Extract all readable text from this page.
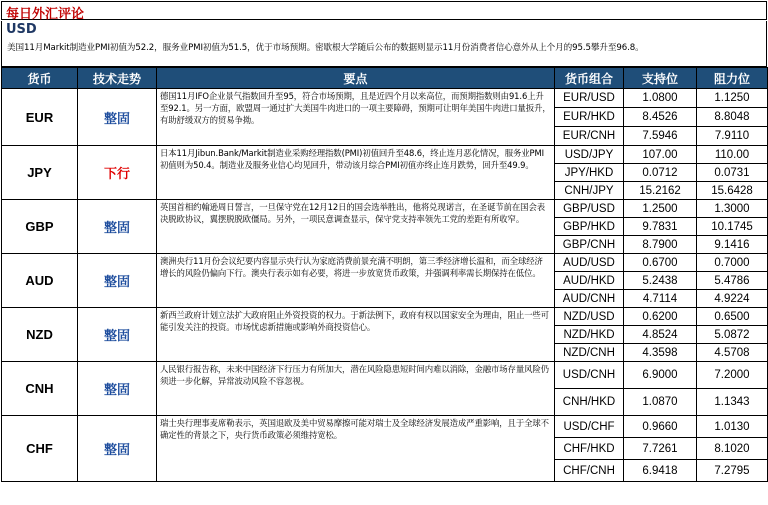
每日外汇评论
USD
美国11月Markit制造业PMI初值为52.2，服务业PMI初值为51.5，优于市场预期。密歇根大学随后公布的数据则显示11月份消费者信心意外从上个月的95.5攀升至96.8。
货币	技术走势	要点	货币组合	支持位	阻力位
EUR	整固	德国11月IFO企业景气指数回升至95，符合市场预期，且是近四个月以来高位，而预期指数则由91.6上升至92.1。另一方面，欧盟周一通过扩大美国牛肉进口的一项主要障碍，预期可让明年美国牛肉进口量扳升，有助舒缓双方的贸易争拗。	EUR/USD	1.0800	1.1250
			EUR/HKD	8.4526	8.8048
			EUR/CNH	7.5946	7.9110
JPY	下行	日本11月Jibun.Bank/Markit制造业采购经理指数(PMI)初值回升至48.6，终止连月恶化情况，服务业PMI初值则为50.4。制造业及服务业信心均见回升，带动该月综合PMI初值亦终止连月跌势，回升至49.9。	USD/JPY	107.00	110.00
			JPY/HKD	0.0712	0.0731
			CNH/JPY	15.2162	15.6428
GBP	整固	英国首相约翰逊周日誓言，一旦保守党在12月12日的国会选举胜出，他将兑现诺言，在圣诞节前在国会表决脱欧协议，翼摆脱脱欧僵局。另外，一项民意调查显示，保守党支持率领先工党的差距有所收窄。	GBP/USD	1.2500	1.3000
			GBP/HKD	9.7831	10.1745
			GBP/CNH	8.7900	9.1416
AUD	整固	澳洲央行11月份会议纪要内容显示央行认为家庭消费前景充满不明朗，第三季经济增长温和，而全球经济增长的风险仍偏向下行。澳央行表示如有必要，将进一步放宽货币政策，并强调利率需长期保持在低位。	AUD/USD	0.6700	0.7000
			AUD/HKD	5.2438	5.4786
			AUD/CNH	4.7114	4.9224
NZD	整固	新西兰政府计划立法扩大政府阻止外资投资的权力。于新法例下，政府有权以国家安全为理由，阻止一些可能引发关注的投资。市场忧虑新措施或影响外商投资信心。	NZD/USD	0.6200	0.6500
			NZD/HKD	4.8524	5.0872
			NZD/CNH	4.3598	4.5708
CNH	整固	人民银行报告称，未来中国经济下行压力有所加大，潜在风险隐患短时间内难以消除，金融市场存量风险仍须进一步化解，异常波动风险不容忽视。	USD/CNH	6.9000	7.2000
			CNH/HKD	1.0870	1.1343
CHF	整固	瑞士央行理事麦席勒表示，英国退欧及美中贸易摩擦可能对瑞士及全球经济发展造成严重影响，且于全球不确定性的背景之下，央行货币政策必须维持宽松。	USD/CHF	0.9660	1.0130
			CHF/HKD	7.7261	8.1020
			CHF/CNH	6.9418	7.2795
